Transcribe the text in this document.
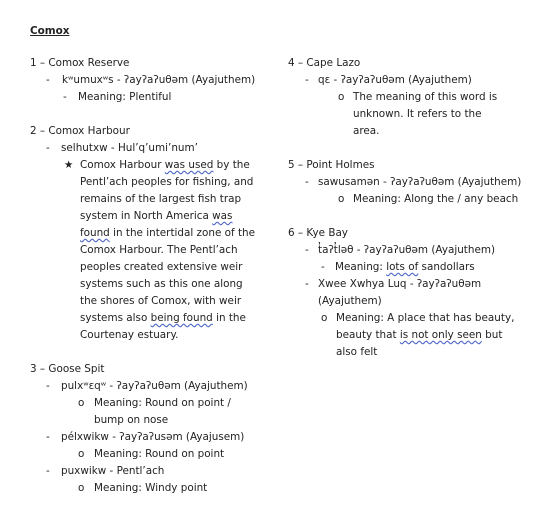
Comox
1 – Comox Reserve
- kʷumuxʷs - ʔayʔaʔuθəm (Ayajuthem)
- Meaning: Plentiful
2 – Comox Harbour
- selhutxw - Hul’q’umi’num’
★ Comox Harbour was used by the Pentl’ach peoples for fishing, and remains of the largest fish trap system in North America was found in the intertidal zone of the Comox Harbour. The Pentl’ach peoples created extensive weir systems such as this one along the shores of Comox, with weir systems also being found in the Courtenay estuary.
3 – Goose Spit
- pulxʷɛqʷ - ʔayʔaʔuθəm (Ayajuthem)
o Meaning: Round on point / bump on nose
- pélxwikw - ʔayʔaʔusəm (Ayajusem)
o Meaning: Round on point
- puxwikw - Pentl’ach
o Meaning: Windy point
4 – Cape Lazo
- qɛ - ʔayʔaʔuθəm (Ayajuthem)
o The meaning of this word is unknown. It refers to the area.
5 – Point Holmes
- sawusamən - ʔayʔaʔuθəm (Ayajuthem)
o Meaning: Along the / any beach
6 – Kye Bay
- t̓aʔt̓ləθ - ʔayʔaʔuθəm (Ayajuthem)
- Meaning: lots of sandollars
- Xwee Xwhya Luq - ʔayʔaʔuθəm (Ayajuthem)
o Meaning: A place that has beauty, beauty that is not only seen but also felt
